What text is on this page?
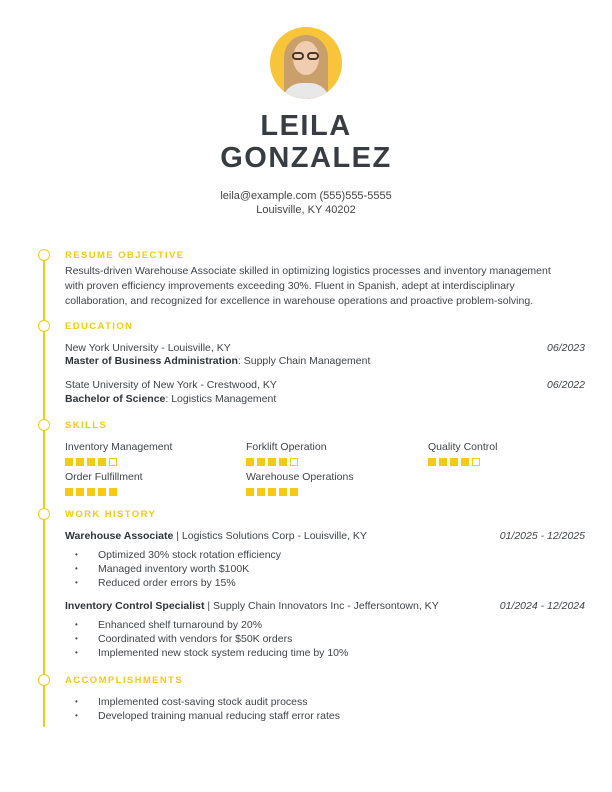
LEILA
GONZALEZ
leila@example.com (555)555-5555
Louisville, KY 40202
RESUME OBJECTIVE
Results-driven Warehouse Associate skilled in optimizing logistics processes and inventory management
with proven efficiency improvements exceeding 30%. Fluent in Spanish, adept at interdisciplinary
collaboration, and recognized for excellence in warehouse operations and proactive problem-solving.
EDUCATION
New York University - Louisville, KY	06/2023
Master of Business Administration: Supply Chain Management
State University of New York - Crestwood, KY	06/2022
Bachelor of Science: Logistics Management
SKILLS
Inventory Management	Forklift Operation	Quality Control
Order Fulfillment	Warehouse Operations
WORK HISTORY
Warehouse Associate | Logistics Solutions Corp - Louisville, KY	01/2025 - 12/2025
• Optimized 30% stock rotation efficiency
• Managed inventory worth $100K
• Reduced order errors by 15%
Inventory Control Specialist | Supply Chain Innovators Inc - Jeffersontown, KY	01/2024 - 12/2024
• Enhanced shelf turnaround by 20%
• Coordinated with vendors for $50K orders
• Implemented new stock system reducing time by 10%
ACCOMPLISHMENTS
• Implemented cost-saving stock audit process
• Developed training manual reducing staff error rates
